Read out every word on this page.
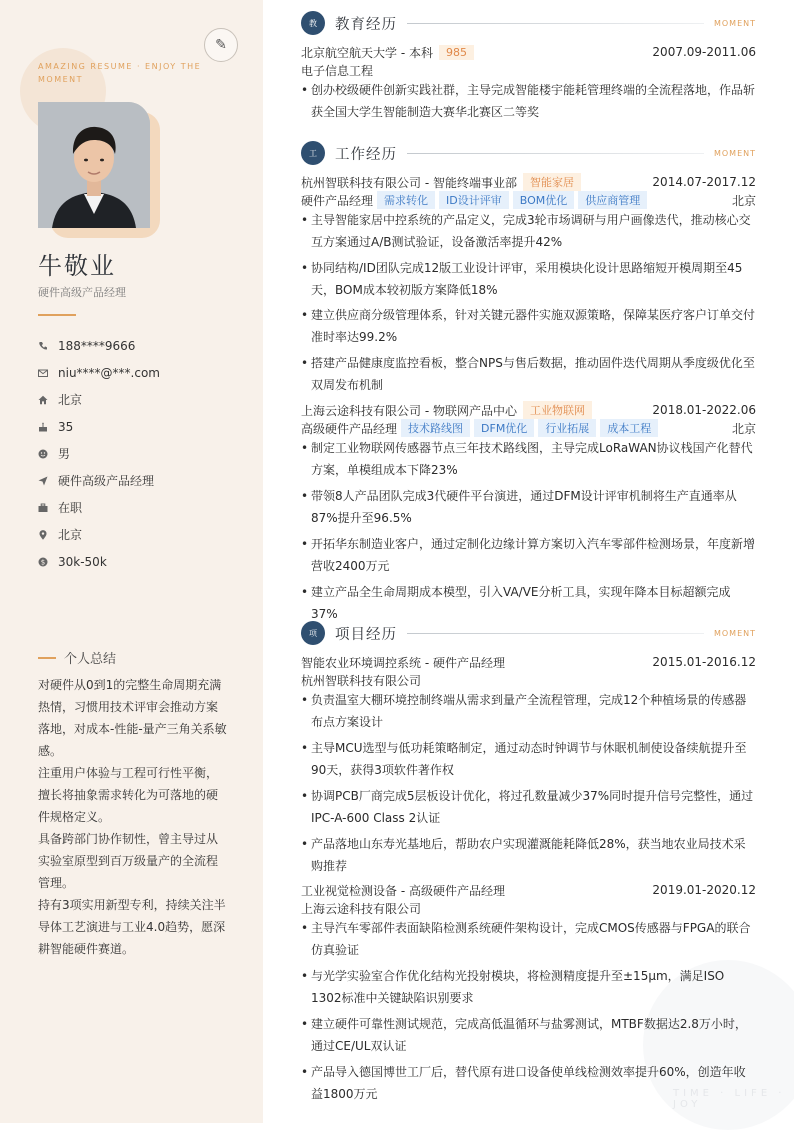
✎
AMAZING RESUME · ENJOY THE MOMENT
牛敬业
硬件高级产品经理
188****9666
niu****@***.com
北京
35
男
硬件高级产品经理
在职
北京
$ 30k-50k
个人总结

对硬件从0到1的完整生命周期充满热情，习惯用技术评审会推动方案落地，对成本-性能-量产三角关系敏感。

注重用户体验与工程可行性平衡，擅长将抽象需求转化为可落地的硬件规格定义。

具备跨部门协作韧性，曾主导过从实验室原型到百万级量产的全流程管理。

持有3项实用新型专利，持续关注半导体工艺演进与工业4.0趋势，愿深耕智能硬件赛道。

TIME · LIFE · JOY
教	教育经历	MOMENT
北京航空航天大学 - 本科	985	2007.09-2011.06
电子信息工程
• 创办校级硬件创新实践社群，主导完成智能楼宇能耗管理终端的全流程落地，作品斩获全国大学生智能制造大赛华北赛区二等奖
工	工作经历	MOMENT
杭州智联科技有限公司 - 智能终端事业部	智能家居	2014.07-2017.12
硬件产品经理	需求转化	ID设计评审	BOM优化	供应商管理	北京
• 主导智能家居中控系统的产品定义，完成3轮市场调研与用户画像迭代，推动核心交互方案通过A/B测试验证，设备激活率提升42%
• 协同结构/ID团队完成12版工业设计评审，采用模块化设计思路缩短开模周期至45天，BOM成本较初版方案降低18%
• 建立供应商分级管理体系，针对关键元器件实施双源策略，保障某医疗客户订单交付准时率达99.2%
• 搭建产品健康度监控看板，整合NPS与售后数据，推动固件迭代周期从季度级优化至双周发布机制
上海云途科技有限公司 - 物联网产品中心	工业物联网	2018.01-2022.06
高级硬件产品经理	技术路线图	DFM优化	行业拓展	成本工程	北京
• 制定工业物联网传感器节点三年技术路线图，主导完成LoRaWAN协议栈国产化替代方案，单模组成本下降23%
• 带领8人产品团队完成3代硬件平台演进，通过DFM设计评审机制将生产直通率从87%提升至96.5%
• 开拓华东制造业客户，通过定制化边缘计算方案切入汽车零部件检测场景，年度新增营收2400万元
• 建立产品全生命周期成本模型，引入VA/VE分析工具，实现年降本目标超额完成37%
项	项目经历	MOMENT
智能农业环境调控系统 - 硬件产品经理	2015.01-2016.12
杭州智联科技有限公司
• 负责温室大棚环境控制终端从需求到量产全流程管理，完成12个种植场景的传感器布点方案设计
• 主导MCU选型与低功耗策略制定，通过动态时钟调节与休眠机制使设备续航提升至90天，获得3项软件著作权
• 协调PCB厂商完成5层板设计优化，将过孔数量减少37%同时提升信号完整性，通过IPC-A-600 Class 2认证
• 产品落地山东寿光基地后，帮助农户实现灌溉能耗降低28%，获当地农业局技术采购推荐
工业视觉检测设备 - 高级硬件产品经理	2019.01-2020.12
上海云途科技有限公司
• 主导汽车零部件表面缺陷检测系统硬件架构设计，完成CMOS传感器与FPGA的联合仿真验证
• 与光学实验室合作优化结构光投射模块，将检测精度提升至±15μm，满足ISO 1302标准中关键缺陷识别要求
• 建立硬件可靠性测试规范，完成高低温循环与盐雾测试，MTBF数据达2.8万小时，通过CE/UL双认证
• 产品导入德国博世工厂后，替代原有进口设备使单线检测效率提升60%，创造年收益1800万元
